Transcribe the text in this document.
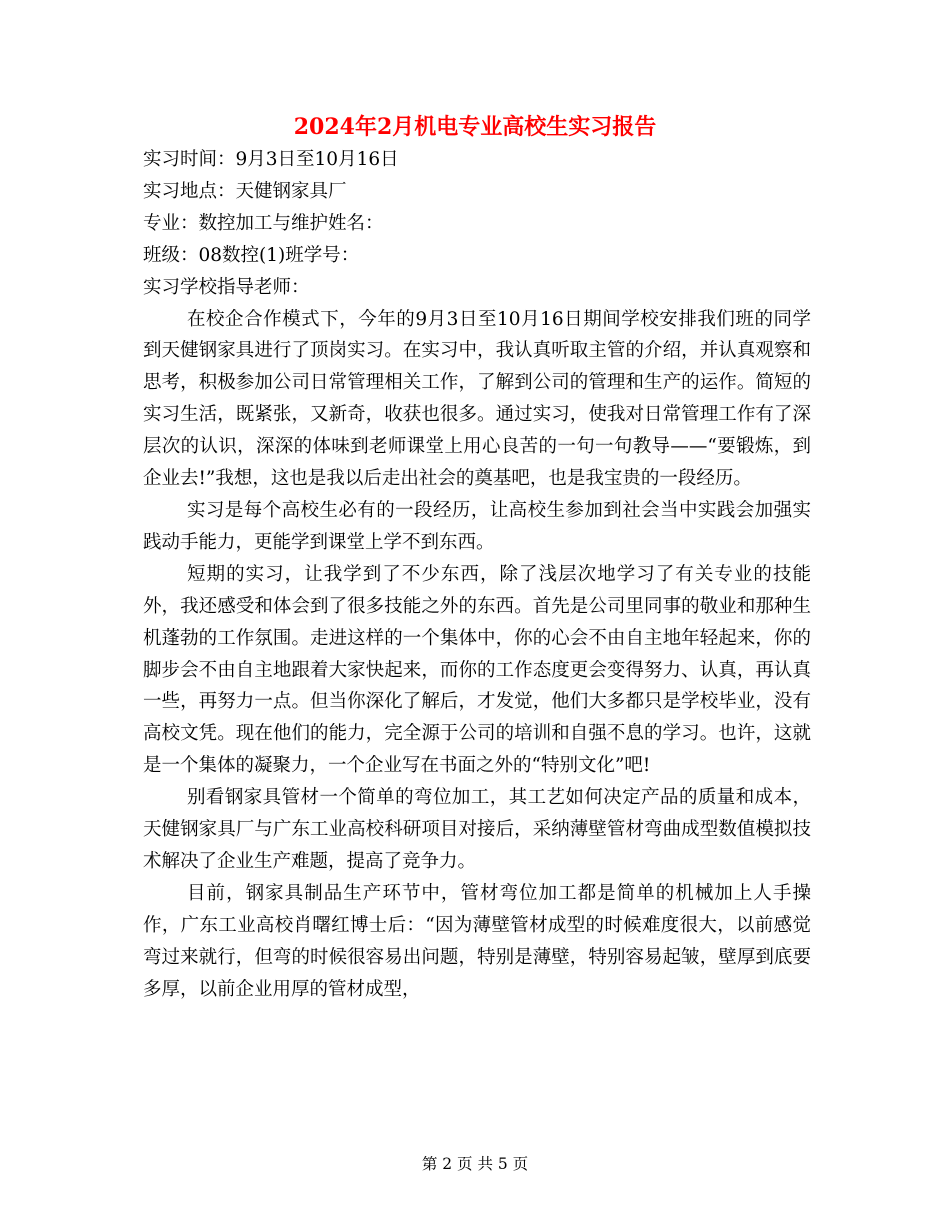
2024年2月机电专业高校生实习报告

实习时间：9月3日至10月16日

实习地点：天健钢家具厂

专业：数控加工与维护姓名：

班级：08数控(1)班学号：

实习学校指导老师：

在校企合作模式下，今年的9月3日至10月16日期间学校安排我们班的同学到天健钢家具进行了顶岗实习。在实习中，我认真听取主管的介绍，并认真观察和思考，积极参加公司日常管理相关工作，了解到公司的管理和生产的运作。简短的实习生活，既紧张，又新奇，收获也很多。通过实习，使我对日常管理工作有了深层次的认识，深深的体味到老师课堂上用心良苦的一句一句教导——“要锻炼，到企业去!”我想，这也是我以后走出社会的奠基吧，也是我宝贵的一段经历。

实习是每个高校生必有的一段经历，让高校生参加到社会当中实践会加强实践动手能力，更能学到课堂上学不到东西。

短期的实习，让我学到了不少东西，除了浅层次地学习了有关专业的技能外，我还感受和体会到了很多技能之外的东西。首先是公司里同事的敬业和那种生机蓬勃的工作氛围。走进这样的一个集体中，你的心会不由自主地年轻起来，你的脚步会不由自主地跟着大家快起来，而你的工作态度更会变得努力、认真，再认真一些，再努力一点。但当你深化了解后，才发觉，他们大多都只是学校毕业，没有高校文凭。现在他们的能力，完全源于公司的培训和自强不息的学习。也许，这就是一个集体的凝聚力，一个企业写在书面之外的“特别文化”吧!

别看钢家具管材一个简单的弯位加工，其工艺如何决定产品的质量和成本，天健钢家具厂与广东工业高校科研项目对接后，采纳薄壁管材弯曲成型数值模拟技术解决了企业生产难题，提高了竞争力。

目前，钢家具制品生产环节中，管材弯位加工都是简单的机械加上人手操作，广东工业高校肖曙红博士后：“因为薄壁管材成型的时候难度很大，以前感觉弯过来就行，但弯的时候很容易出问题，特别是薄壁，特别容易起皱，壁厚到底要多厚，以前企业用厚的管材成型，

第 2 页 共 5 页
